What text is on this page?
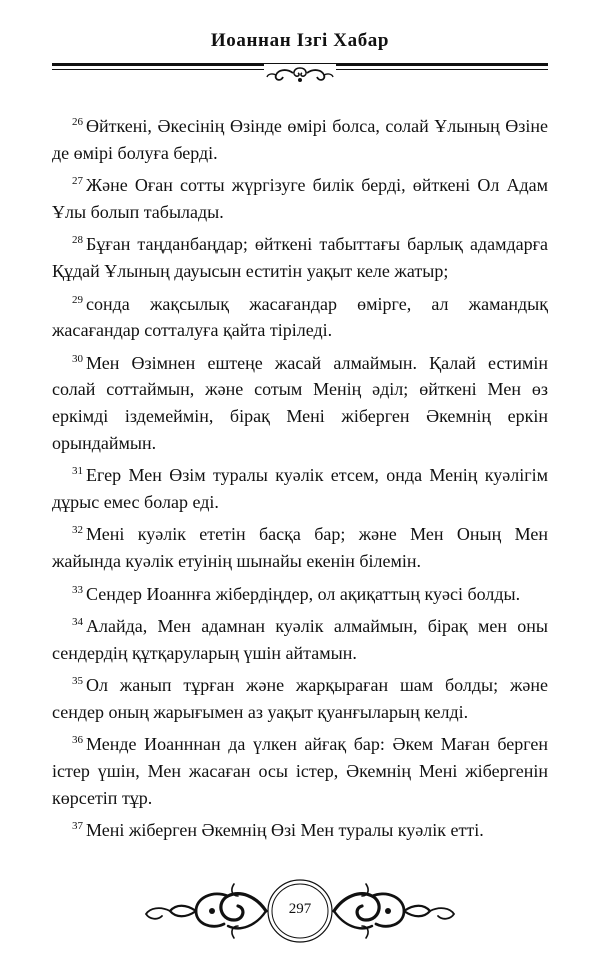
Иоаннан Ізгі Хабар

$^{26}$ Өйткені, Әкесінің Өзінде өмірі болса, солай Ұлының Өзіне де өмірі болуға берді.

$^{27}$ Және Оған сотты жүргізуге билік берді, өйткені Ол Адам Ұлы болып табылады.

$^{28}$ Бұған таңданбаңдар; өйткені табыттағы барлық адамдарға Құдай Ұлының дауысын еститін уақыт келе жатыр;

$^{29}$ сонда жақсылық жасағандар өмірге, ал жамандық жасағандар сотталуға қайта тіріледі.

$^{30}$ Мен Өзімнен ештеңе жасай алмаймын. Қалай естимін солай соттаймын, және сотым Менің әділ; өйткені Мен өз еркімді іздемеймін, бірақ Мені жіберген Әкемнің еркін орындаймын.

$^{31}$ Егер Мен Өзім туралы куәлік етсем, онда Менің куәлігім дұрыс емес болар еді.

$^{32}$ Мені куәлік ететін басқа бар; және Мен Оның Мен жайында куәлік етуінің шынайы екенін білемін.

$^{33}$ Сендер Иоаннға жібердіңдер, ол ақиқаттың куәсі болды.

$^{34}$ Алайда, Мен адамнан куәлік алмаймын, бірақ мен оны сендердің құтқаруларың үшін айтамын.

$^{35}$ Ол жанып тұрған және жарқыраған шам болды; және сендер оның жарығымен аз уақыт қуанғыларың келді.

$^{36}$ Менде Иоанннан да үлкен айғақ бар: Әкем Маған берген істер үшін, Мен жасаған осы істер, Әкемнің Мені жібергенін көрсетіп тұр.

$^{37}$ Мені жіберген Әкемнің Өзі Мен туралы куәлік етті.

297
